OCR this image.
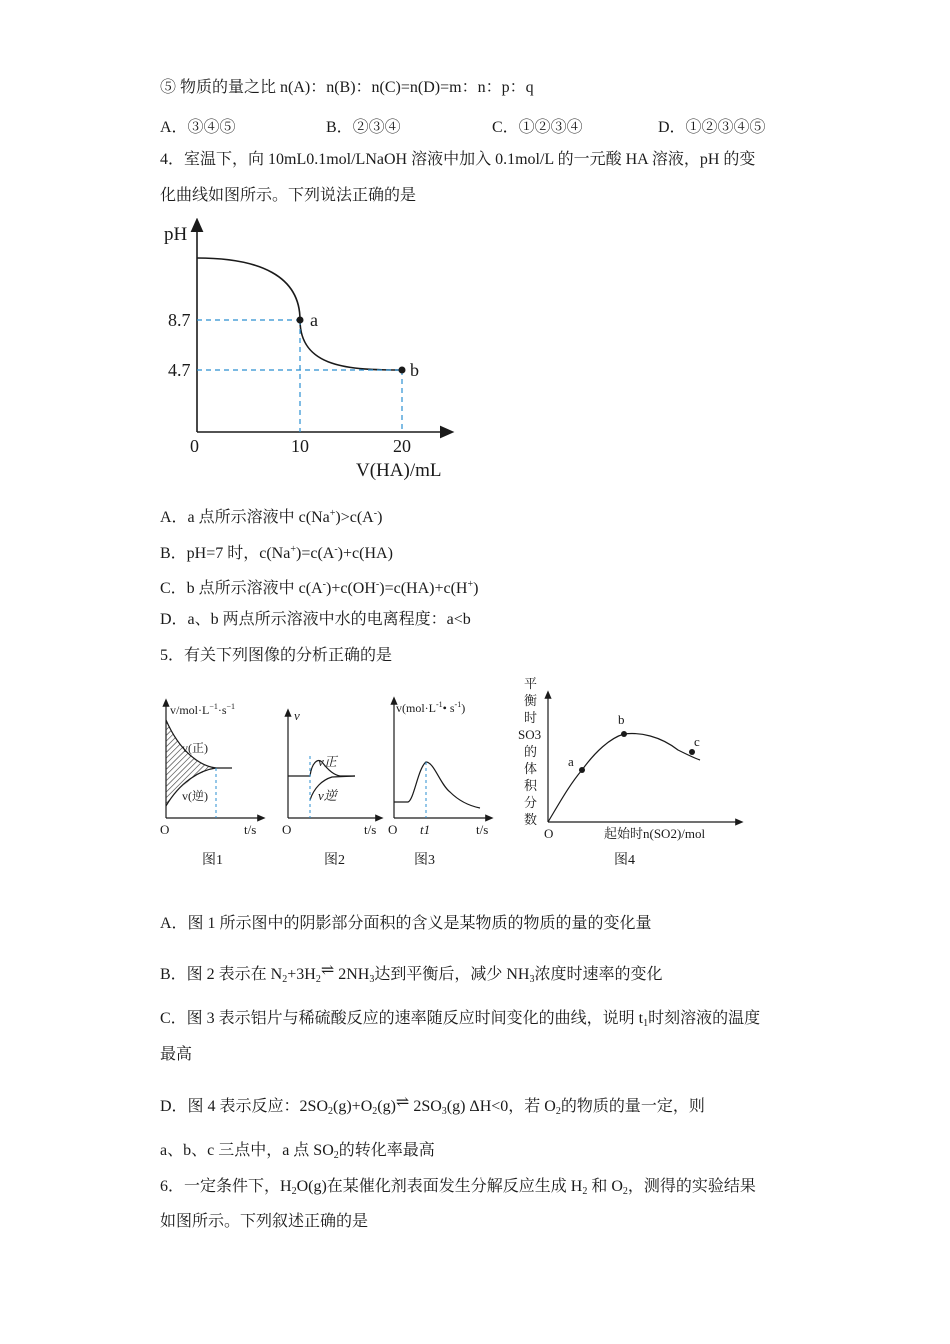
⑤ 物质的量之比 n(A)：n(B)：n(C)=n(D)=m：n：p：q
A．③④⑤	B．②③④	C．①②③④	D．①②③④⑤
4．室温下，向 10mL0.1mol/LNaOH 溶液中加入 0.1mol/L 的一元酸 HA 溶液，pH 的变
化曲线如图所示。下列说法正确的是
pH
8.7
4.7
a
b
0	10	20
V(HA)/mL
A．a 点所示溶液中 c(Na+)>c(A-)
B．pH=7 时，c(Na+)=c(A-)+c(HA)
C．b 点所示溶液中 c(A-)+c(OH-)=c(HA)+c(H+)
D．a、b 两点所示溶液中水的电离程度：a<b
5．有关下列图像的分析正确的是
$v/mol\cdot L^{-1}\cdot s^{-1}$
v(正)
v(逆)
O	t/s
图1
v
v正
v逆
O	t/s
图2
$v(mol\cdot L^{-1}•$ $s^{-1}$)
O t1	t/s
图3
a
b
c
平
衡
时
SO3
的
体
积
分
数
O	起始时n(SO2)/mol
图4
A．图 1 所示图中的阴影部分面积的含义是某物质的物质的量的变化量
B．图 2 表示在 $N_2+3H_2\rightleftharpoons$ $2NH_3$达到平衡后，减少 $NH_3$浓度时速率的变化
C．图 3 表示铝片与稀硫酸反应的速率随反应时间变化的曲线，说明 $t_1$时刻溶液的温度
最高
D．图 4 表示反应：$2SO_2(g)+O_2(g)\rightleftharpoons$ $2SO_3(g)$ ΔH<0，若 $O_2$的物质的量一定，则
a、b、c 三点中，a 点 $SO_2$的转化率最高
6．一定条件下，$H_2O(g)$在某催化剂表面发生分解反应生成 $H_2$ 和 $O_2$，测得的实验结果
如图所示。下列叙述正确的是
